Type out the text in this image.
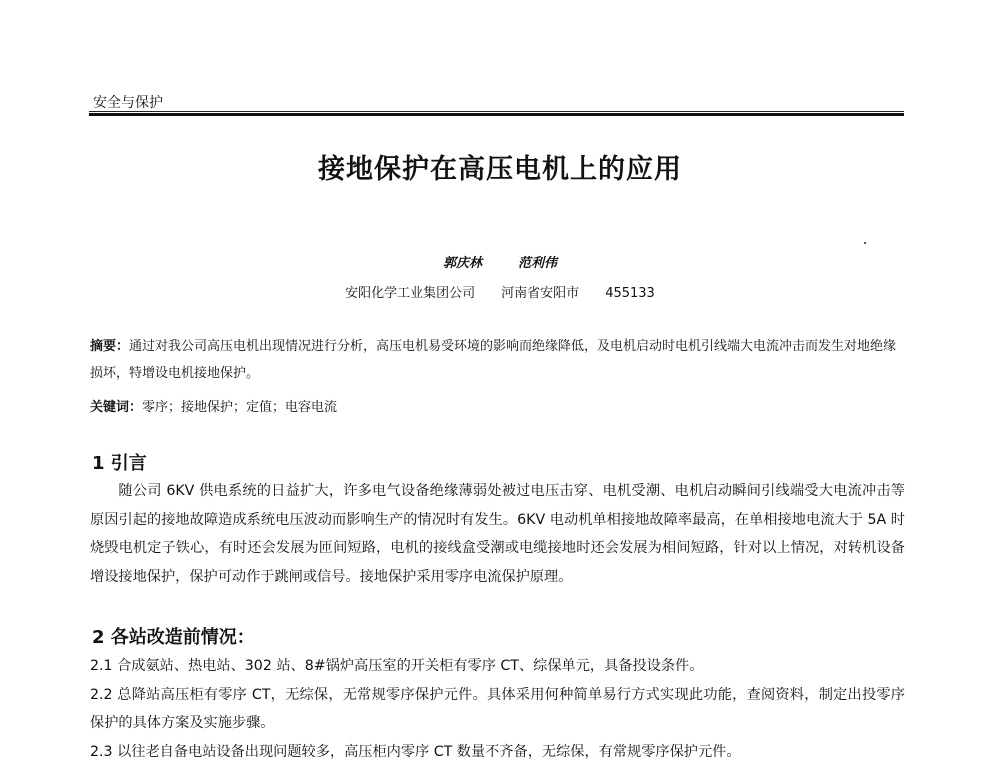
安全与保护
接地保护在高压电机上的应用
郭庆林	范利伟
安阳化学工业集团公司 河南省安阳市 455133
摘要：通过对我公司高压电机出现情况进行分析，高压电机易受环境的影响而绝缘降低，及电机启动时电机引线端大电流冲击而发生对地绝缘损坏，特增设电机接地保护。
关键词：零序；接地保护；定值；电容电流
1 引言
随公司 6KV 供电系统的日益扩大，许多电气设备绝缘薄弱处被过电压击穿、电机受潮、电机启动瞬间引线端受大电流冲击等原因引起的接地故障造成系统电压波动而影响生产的情况时有发生。6KV 电动机单相接地故障率最高，在单相接地电流大于 5A 时烧毁电机定子铁心，有时还会发展为匝间短路，电机的接线盒受潮或电缆接地时还会发展为相间短路，针对以上情况，对转机设备增设接地保护，保护可动作于跳闸或信号。接地保护采用零序电流保护原理。
2 各站改造前情况：
2.1 合成氨站、热电站、302 站、8#锅炉高压室的开关柜有零序 CT、综保单元，具备投设条件。
2.2 总降站高压柜有零序 CT，无综保，无常规零序保护元件。具体采用何种简单易行方式实现此功能，查阅资料，制定出投零序保护的具体方案及实施步骤。
2.3 以往老自备电站设备出现问题较多，高压柜内零序 CT 数量不齐备，无综保，有常规零序保护元件。
